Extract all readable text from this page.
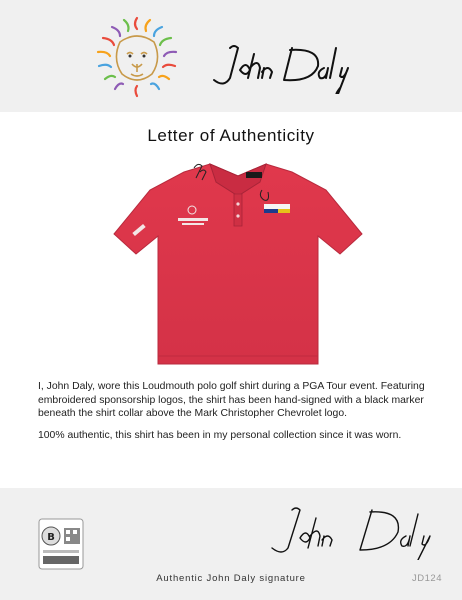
Letter of Authenticity

I, John Daly, wore this Loudmouth polo golf shirt during a PGA Tour event. Featuring embroidered sponsorship logos, the shirt has been hand-signed with a black marker beneath the shirt collar above the Mark Christopher Chevrolet logo.

100% authentic, this shirt has been in my personal collection since it was worn.

B
Authentic John Daly signature	JD124
